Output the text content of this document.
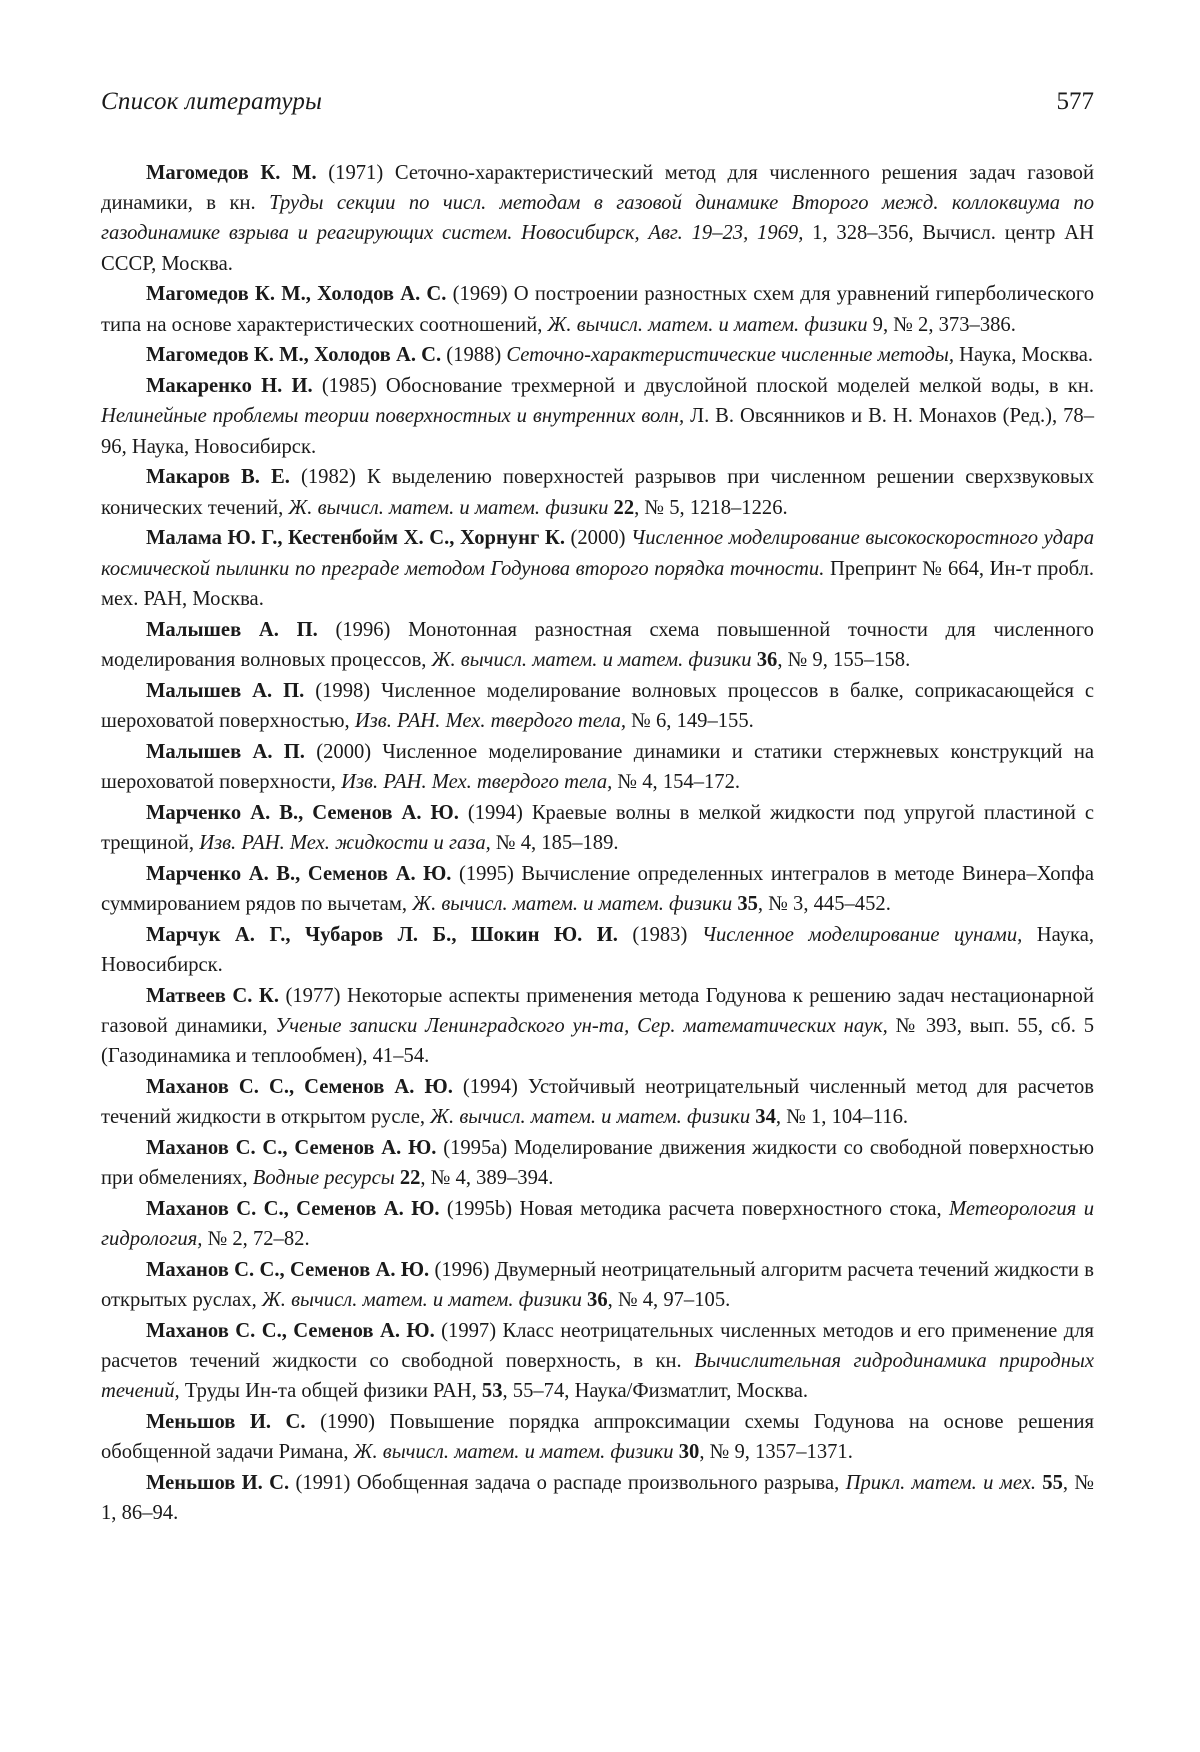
Список литературы	577

Магомедов К. М. (1971) Сеточно-характеристический метод для численного решения задач газовой динамики, в кн. Труды секции по числ. методам в газовой динамике Второго межд. коллоквиума по газодинамике взрыва и реагирующих систем. Новосибирск, Авг. 19–23, 1969, 1, 328–356, Вычисл. центр АН СССР, Москва.

Магомедов К. М., Холодов А. С. (1969) О построении разностных схем для уравнений гиперболического типа на основе характеристических соотношений, Ж. вычисл. матем. и матем. физики 9, № 2, 373–386.

Магомедов К. М., Холодов А. С. (1988) Сеточно-характеристические численные методы, Наука, Москва.

Макаренко Н. И. (1985) Обоснование трехмерной и двуслойной плоской моделей мелкой воды, в кн. Нелинейные проблемы теории поверхностных и внутренних волн, Л. В. Овсянников и В. Н. Монахов (Ред.), 78–96, Наука, Новосибирск.

Макаров В. Е. (1982) К выделению поверхностей разрывов при численном решении сверхзвуковых конических течений, Ж. вычисл. матем. и матем. физики 22, № 5, 1218–1226.

Малама Ю. Г., Кестенбойм Х. С., Хорнунг К. (2000) Численное моделирование высокоскоростного удара космической пылинки по преграде методом Годунова второго порядка точности. Препринт № 664, Ин-т пробл. мех. РАН, Москва.

Малышев А. П. (1996) Монотонная разностная схема повышенной точности для численного моделирования волновых процессов, Ж. вычисл. матем. и матем. физики 36, № 9, 155–158.

Малышев А. П. (1998) Численное моделирование волновых процессов в балке, соприкасающейся с шероховатой поверхностью, Изв. РАН. Мех. твердого тела, № 6, 149–155.

Малышев А. П. (2000) Численное моделирование динамики и статики стержневых конструкций на шероховатой поверхности, Изв. РАН. Мех. твердого тела, № 4, 154–172.

Марченко А. В., Семенов А. Ю. (1994) Краевые волны в мелкой жидкости под упругой пластиной с трещиной, Изв. РАН. Мех. жидкости и газа, № 4, 185–189.

Марченко А. В., Семенов А. Ю. (1995) Вычисление определенных интегралов в методе Винера–Хопфа суммированием рядов по вычетам, Ж. вычисл. матем. и матем. физики 35, № 3, 445–452.

Марчук А. Г., Чубаров Л. Б., Шокин Ю. И. (1983) Численное моделирование цунами, Наука, Новосибирск.

Матвеев С. К. (1977) Некоторые аспекты применения метода Годунова к решению задач нестационарной газовой динамики, Ученые записки Ленинградского ун-та, Сер. математических наук, № 393, вып. 55, сб. 5 (Газодинамика и теплообмен), 41–54.

Маханов С. С., Семенов А. Ю. (1994) Устойчивый неотрицательный численный метод для расчетов течений жидкости в открытом русле, Ж. вычисл. матем. и матем. физики 34, № 1, 104–116.

Маханов С. С., Семенов А. Ю. (1995a) Моделирование движения жидкости со свободной поверхностью при обмелениях, Водные ресурсы 22, № 4, 389–394.

Маханов С. С., Семенов А. Ю. (1995b) Новая методика расчета поверхностного стока, Метеорология и гидрология, № 2, 72–82.

Маханов С. С., Семенов А. Ю. (1996) Двумерный неотрицательный алгоритм расчета течений жидкости в открытых руслах, Ж. вычисл. матем. и матем. физики 36, № 4, 97–105.

Маханов С. С., Семенов А. Ю. (1997) Класс неотрицательных численных методов и его применение для расчетов течений жидкости со свободной поверхность, в кн. Вычислительная гидродинамика природных течений, Труды Ин-та общей физики РАН, 53, 55–74, Наука/Физматлит, Москва.

Меньшов И. С. (1990) Повышение порядка аппроксимации схемы Годунова на основе решения обобщенной задачи Римана, Ж. вычисл. матем. и матем. физики 30, № 9, 1357–1371.

Меньшов И. С. (1991) Обобщенная задача о распаде произвольного разрыва, Прикл. матем. и мех. 55, № 1, 86–94.
